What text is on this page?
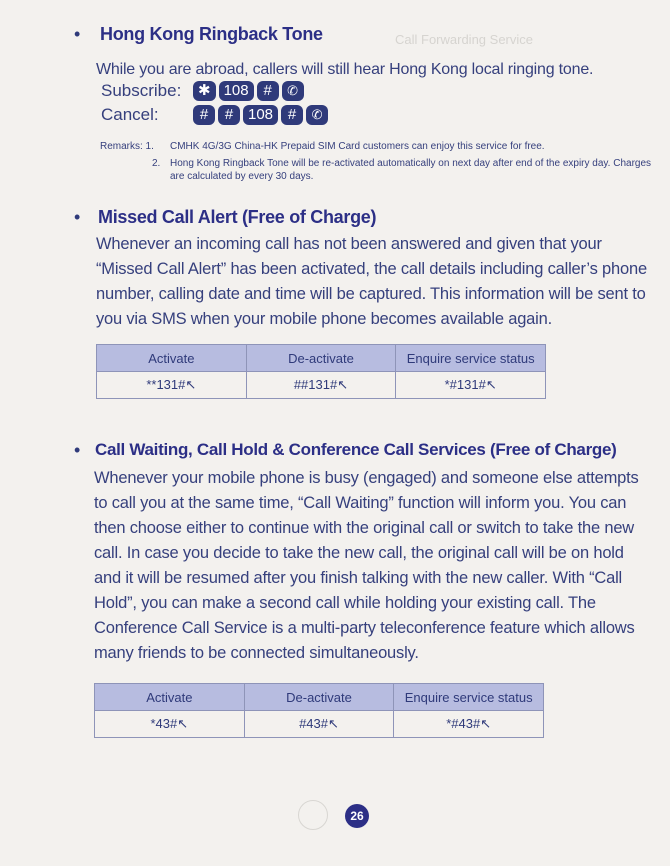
Call Forwarding Service
• Hong Kong Ringback Tone
While you are abroad, callers will still hear Hong Kong local ringing tone.
Subscribe:	✱ 108 #	✆
Cancel:	#	# 108 #	✆
Remarks: 1. CMHK 4G/3G China-HK Prepaid SIM Card customers can enjoy this service for free.
2. Hong Kong Ringback Tone will be re-activated automatically on next day after end of the expiry day. Charges are calculated by every 30 days.
• Missed Call Alert (Free of Charge)
Whenever an incoming call has not been answered and given that your “Missed Call Alert” has been activated, the call details including caller’s phone number, calling date and time will be captured. This information will be sent to you via SMS when your mobile phone becomes available again.
Activate	De-activate	Enquire service status
**131#↖	##131#↖	*#131#↖
• Call Waiting, Call Hold & Conference Call Services (Free of Charge)
Whenever your mobile phone is busy (engaged) and someone else attempts to call you at the same time, “Call Waiting” function will inform you. You can then choose either to continue with the original call or switch to take the new call. In case you decide to take the new call, the original call will be on hold and it will be resumed after you finish talking with the new caller. With “Call Hold”, you can make a second call while holding your existing call. The Conference Call Service is a multi-party teleconference feature which allows many friends to be connected simultaneously.
Activate	De-activate	Enquire service status
*43#↖	#43#↖	*#43#↖
26
